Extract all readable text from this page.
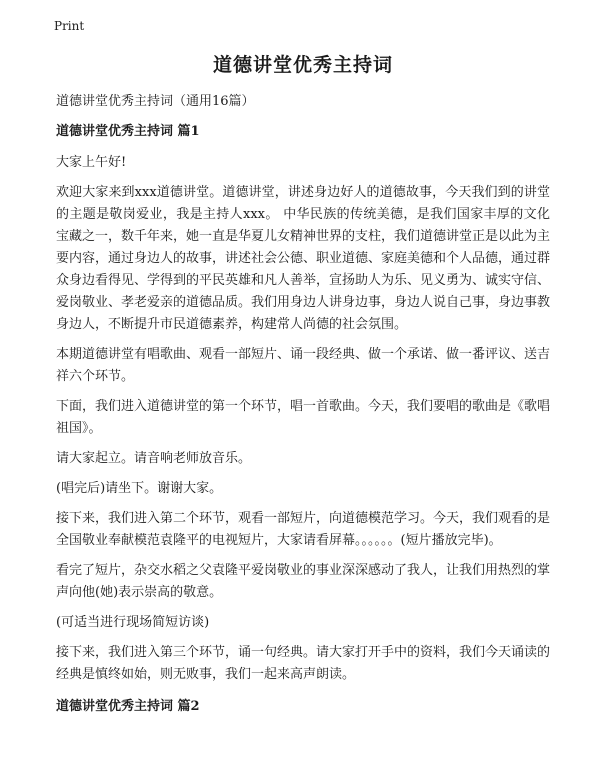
Print
道德讲堂优秀主持词
道德讲堂优秀主持词（通用16篇）
道德讲堂优秀主持词 篇1

大家上午好!

欢迎大家来到xxx道德讲堂。道德讲堂，讲述身边好人的道德故事，今天我们到的讲堂的主题是敬岗爱业，我是主持人xxx。 中华民族的传统美德，是我们国家丰厚的文化宝藏之一，数千年来，她一直是华夏儿女精神世界的支柱，我们道德讲堂正是以此为主要内容，通过身边人的故事，讲述社会公德、职业道德、家庭美德和个人品德，通过群众身边看得见、学得到的平民英雄和凡人善举，宣扬助人为乐、见义勇为、诚实守信、爱岗敬业、孝老爱亲的道德品质。我们用身边人讲身边事，身边人说自己事，身边事教身边人，不断提升市民道德素养，构建常人尚德的社会氛围。

本期道德讲堂有唱歌曲、观看一部短片、诵一段经典、做一个承诺、做一番评议、送吉祥六个环节。

下面，我们进入道德讲堂的第一个环节，唱一首歌曲。今天，我们要唱的歌曲是《歌唱祖国》。

请大家起立。请音响老师放音乐。

(唱完后)请坐下。谢谢大家。

接下来，我们进入第二个环节，观看一部短片，向道德模范学习。今天，我们观看的是全国敬业奉献模范袁隆平的电视短片，大家请看屏幕。。。。。。(短片播放完毕)。

看完了短片，杂交水稻之父袁隆平爱岗敬业的事业深深感动了我人，让我们用热烈的掌声向他(她)表示崇高的敬意。

(可适当进行现场简短访谈)

接下来，我们进入第三个环节，诵一句经典。请大家打开手中的资料，我们今天诵读的经典是慎终如始，则无败事，我们一起来高声朗读。

道德讲堂优秀主持词 篇2
